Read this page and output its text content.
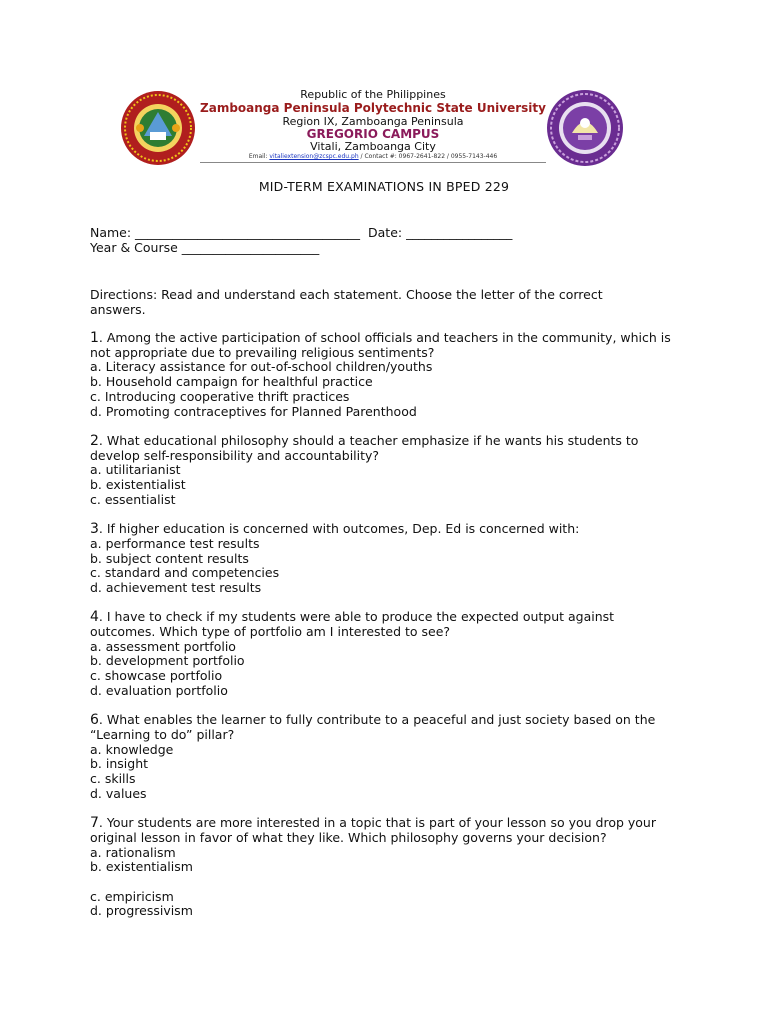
Republic of the Philippines
Zamboanga Peninsula Polytechnic State University
Region IX, Zamboanga Peninsula
GREGORIO CAMPUS
Vitali, Zamboanga City
Email: vitaliextension@zcspc.edu.ph / Contact #: 0967-2641-822 / 0955-7143-446
MID-TERM EXAMINATIONS IN BPED 229
Name: ____________________________________  Date: _________________
Year & Course ______________________
Directions: Read and understand each statement. Choose the letter of the correct answers.
1. Among the active participation of school officials and teachers in the community, which is not appropriate due to prevailing religious sentiments?
a. Literacy assistance for out-of-school children/youths
b. Household campaign for healthful practice
c. Introducing cooperative thrift practices
d. Promoting contraceptives for Planned Parenthood
2. What educational philosophy should a teacher emphasize if he wants his students to develop self-responsibility and accountability?
a. utilitarianist
b. existentialist
c. essentialist
3. If higher education is concerned with outcomes, Dep. Ed is concerned with:
a. performance test results
b. subject content results
c. standard and competencies
d. achievement test results
4. I have to check if my students were able to produce the expected output against outcomes. Which type of portfolio am I interested to see?
a. assessment portfolio
b. development portfolio
c. showcase portfolio
d. evaluation portfolio
6. What enables the learner to fully contribute to a peaceful and just society based on the “Learning to do” pillar?
a. knowledge
b. insight
c. skills
d. values
7. Your students are more interested in a topic that is part of your lesson so you drop your original lesson in favor of what they like. Which philosophy governs your decision?
a. rationalism
b. existentialism
c. empiricism
d. progressivism
